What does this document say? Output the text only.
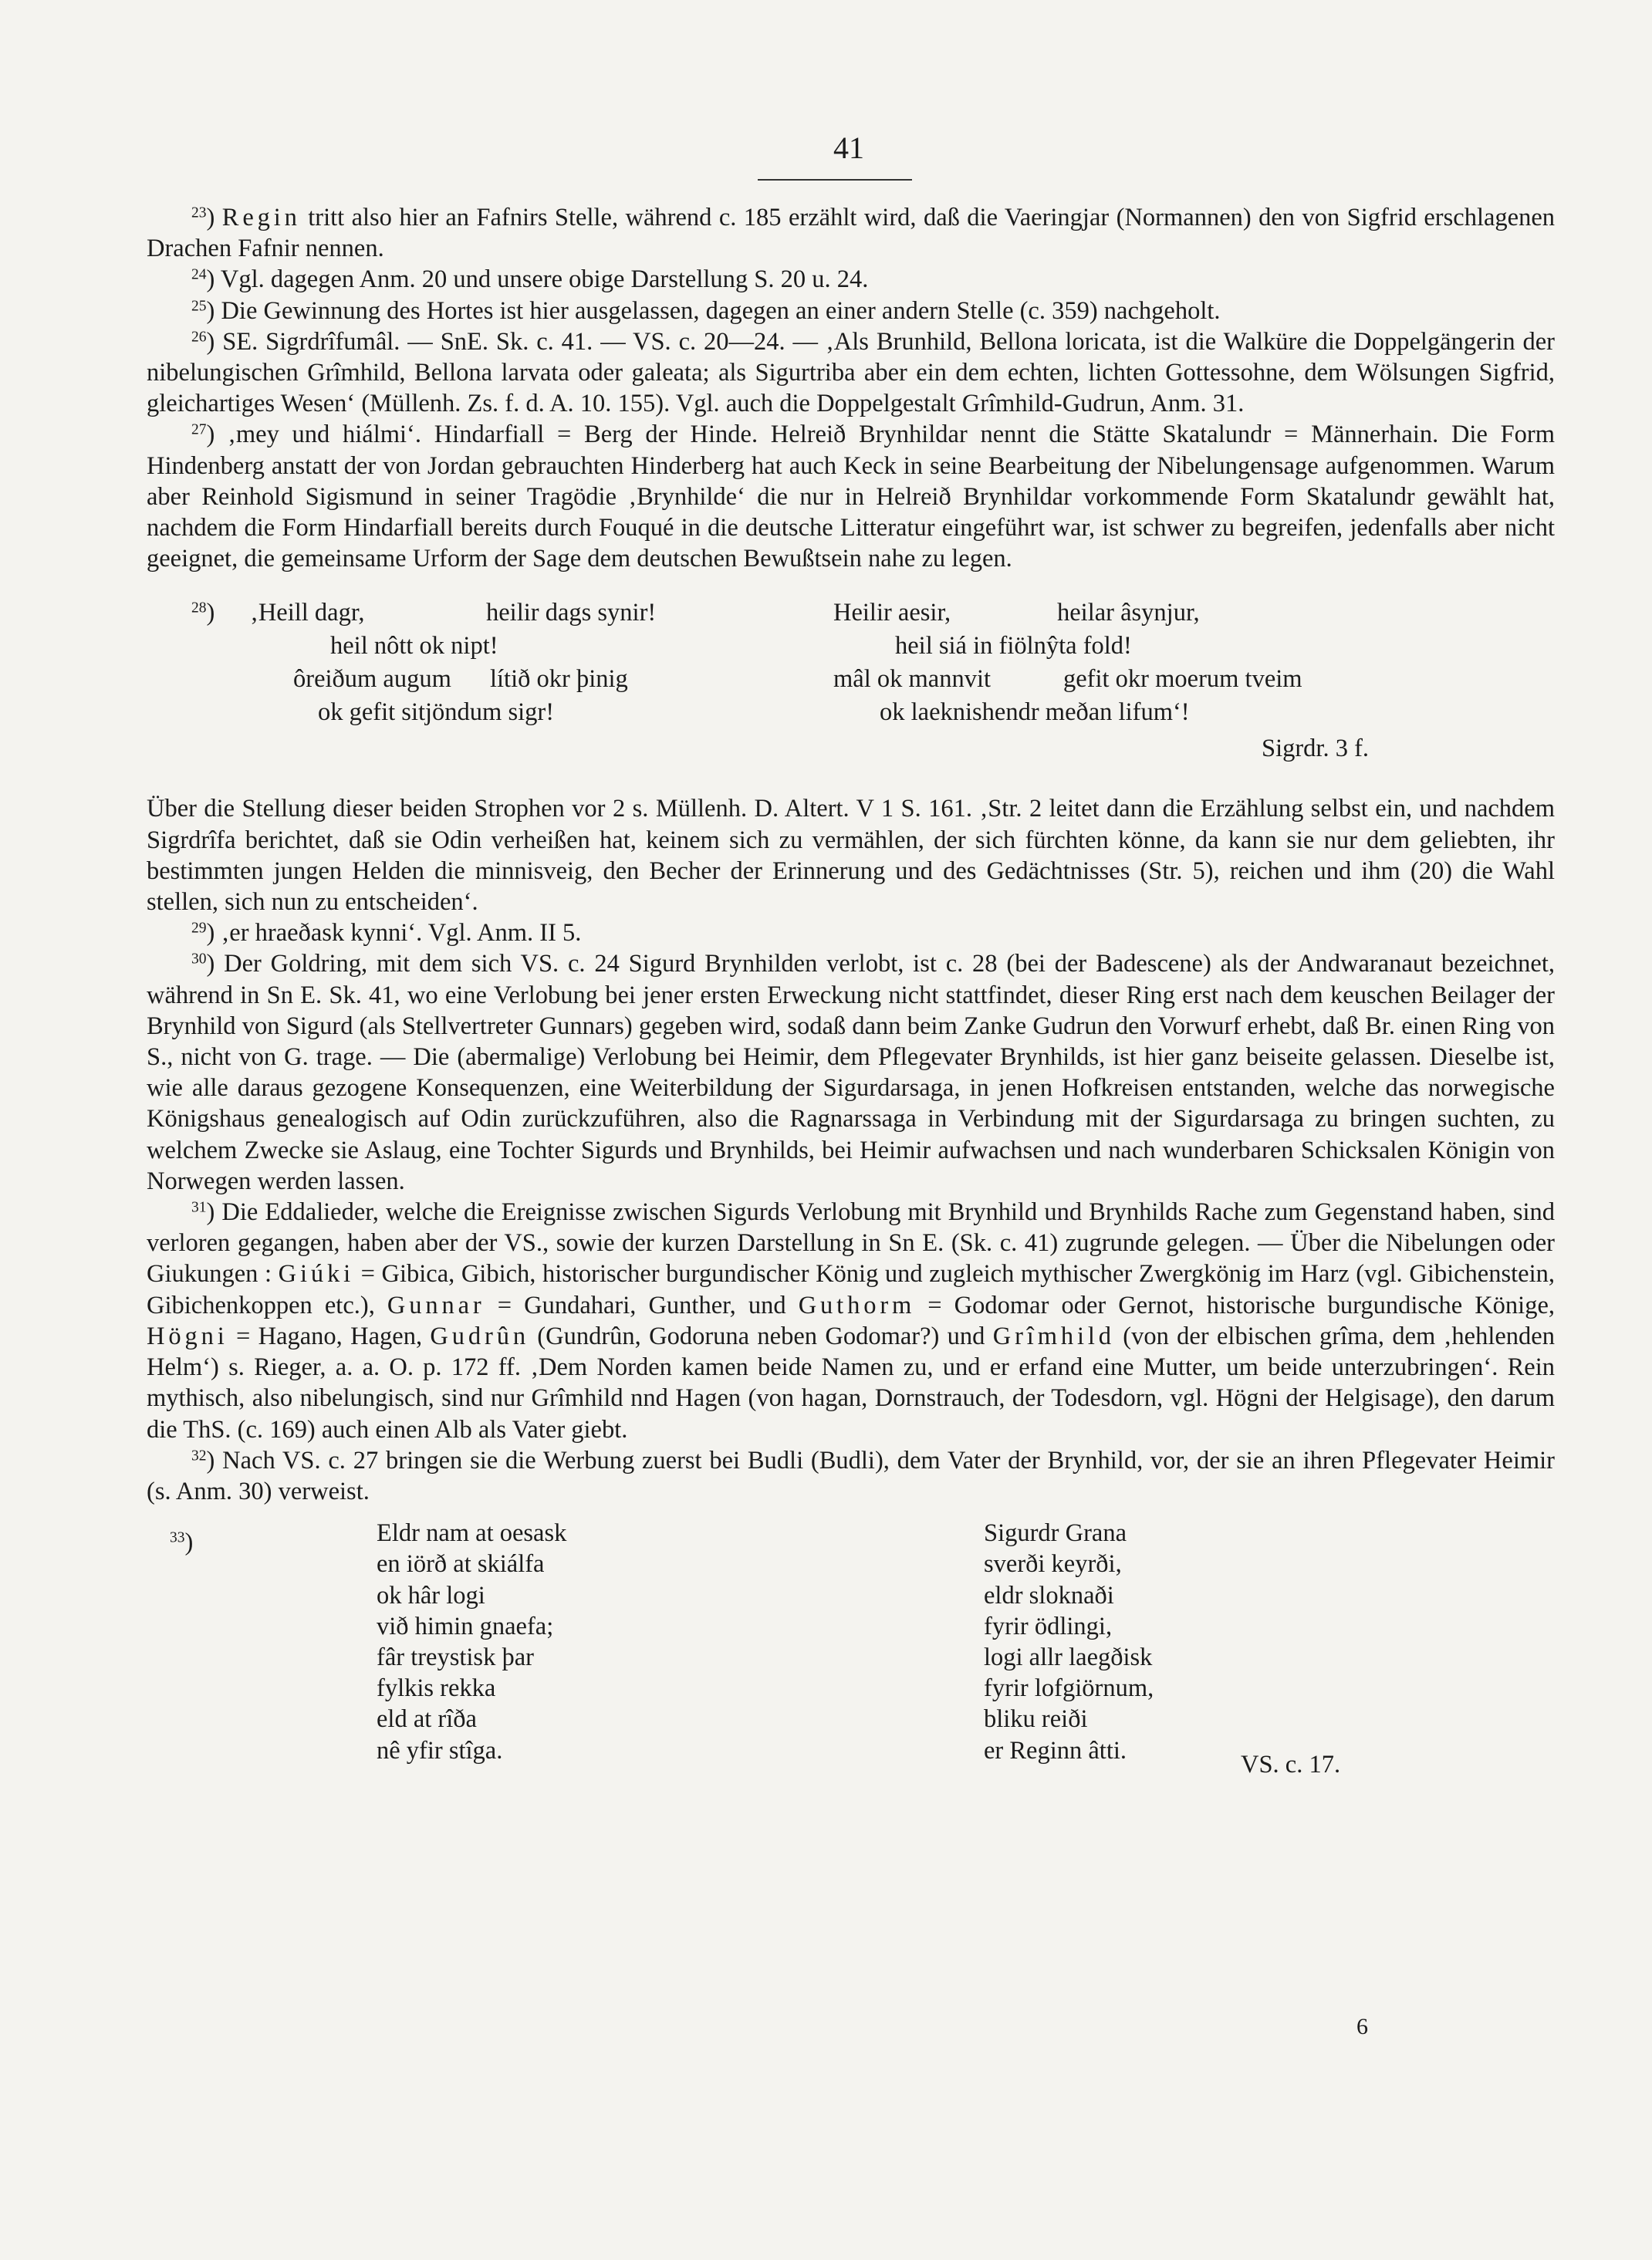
41

$^{23}$) Regin tritt also hier an Fafnirs Stelle, während c. 185 erzählt wird, daß die Vaeringjar (Normannen) den von Sigfrid erschlagenen Drachen Fafnir nennen.

$^{24}$) Vgl. dagegen Anm. 20 und unsere obige Darstellung S. 20 u. 24.

$^{25}$) Die Gewinnung des Hortes ist hier ausgelassen, dagegen an einer andern Stelle (c. 359) nachgeholt.

$^{26}$) SE. Sigrdrîfumâl. — SnE. Sk. c. 41. — VS. c. 20—24. — ‚Als Brunhild, Bellona loricata, ist die Walküre die Doppelgängerin der nibelungischen Grîmhild, Bellona larvata oder galeata; als Sigurtriba aber ein dem echten, lichten Gottessohne, dem Wölsungen Sigfrid, gleichartiges Wesen‘ (Müllenh. Zs. f. d. A. 10. 155). Vgl. auch die Doppelgestalt Grîmhild-Gudrun, Anm. 31.

$^{27}$) ‚mey und hiálmi‘. Hindarfiall = Berg der Hinde. Helreið Brynhildar nennt die Stätte Skatalundr = Männerhain. Die Form Hindenberg anstatt der von Jordan gebrauchten Hinderberg hat auch Keck in seine Bearbeitung der Nibelungensage aufgenommen. Warum aber Reinhold Sigismund in seiner Tragödie ‚Brynhilde‘ die nur in Helreið Brynhildar vorkommende Form Skatalundr gewählt hat, nachdem die Form Hindarfiall bereits durch Fouqué in die deutsche Litteratur eingeführt war, ist schwer zu begreifen, jedenfalls aber nicht geeignet, die gemeinsame Urform der Sage dem deutschen Bewußtsein nahe zu legen.

$^{28}$) ‚Heill dagr,	heilir dags synir!	Heilir aesir,	heilar âsynjur,
heil nôtt ok nipt!	heil siá in fiölnŷta fold!
ôreiðum augum lítið okr þinig	mâl ok mannvit	gefit okr moerum tveim
ok gefit sitjöndum sigr!	ok laeknishendr meðan lifum‘!
Sigrdr. 3 f.

Über die Stellung dieser beiden Strophen vor 2 s. Müllenh. D. Altert. V 1 S. 161. ‚Str. 2 leitet dann die Erzählung selbst ein, und nachdem Sigrdrîfa berichtet, daß sie Odin verheißen hat, keinem sich zu vermählen, der sich fürchten könne, da kann sie nur dem geliebten, ihr bestimmten jungen Helden die minnisveig, den Becher der Erinnerung und des Gedächtnisses (Str. 5), reichen und ihm (20) die Wahl stellen, sich nun zu entscheiden‘.

$^{29}$) ‚er hraeðask kynni‘. Vgl. Anm. II 5.

$^{30}$) Der Goldring, mit dem sich VS. c. 24 Sigurd Brynhilden verlobt, ist c. 28 (bei der Badescene) als der Andwaranaut bezeichnet, während in Sn E. Sk. 41, wo eine Verlobung bei jener ersten Erweckung nicht stattfindet, dieser Ring erst nach dem keuschen Beilager der Brynhild von Sigurd (als Stellvertreter Gunnars) gegeben wird, sodaß dann beim Zanke Gudrun den Vorwurf erhebt, daß Br. einen Ring von S., nicht von G. trage. — Die (abermalige) Verlobung bei Heimir, dem Pflegevater Brynhilds, ist hier ganz beiseite gelassen. Dieselbe ist, wie alle daraus gezogene Konsequenzen, eine Weiterbildung der Sigurdarsaga, in jenen Hofkreisen entstanden, welche das norwegische Königshaus genealogisch auf Odin zurückzuführen, also die Ragnarssaga in Verbindung mit der Sigurdarsaga zu bringen suchten, zu welchem Zwecke sie Aslaug, eine Tochter Sigurds und Brynhilds, bei Heimir aufwachsen und nach wunderbaren Schicksalen Königin von Norwegen werden lassen.

$^{31}$) Die Eddalieder, welche die Ereignisse zwischen Sigurds Verlobung mit Brynhild und Brynhilds Rache zum Gegenstand haben, sind verloren gegangen, haben aber der VS., sowie der kurzen Darstellung in Sn E. (Sk. c. 41) zugrunde gelegen. — Über die Nibelungen oder Giukungen : Giúki = Gibica, Gibich, historischer burgundischer König und zugleich mythischer Zwergkönig im Harz (vgl. Gibichenstein, Gibichenkoppen etc.), Gunnar = Gundahari, Gunther, und Guthorm = Godomar oder Gernot, historische burgundische Könige, Högni = Hagano, Hagen, Gudrûn (Gundrûn, Godoruna neben Godomar?) und Grîmhild (von der elbischen grîma, dem ‚hehlenden Helm‘) s. Rieger, a. a. O. p. 172 ff. ‚Dem Norden kamen beide Namen zu, und er erfand eine Mutter, um beide unterzubringen‘. Rein mythisch, also nibelungisch, sind nur Grîmhild nnd Hagen (von hagan, Dornstrauch, der Todesdorn, vgl. Högni der Helgisage), den darum die ThS. (c. 169) auch einen Alb als Vater giebt.

$^{32}$) Nach VS. c. 27 bringen sie die Werbung zuerst bei Budli (Budli), dem Vater der Brynhild, vor, der sie an ihren Pflegevater Heimir (s. Anm. 30) verweist.

$^{33}$)	Eldr nam at oesask
en iörð at skiálfa
ok hâr logi
við himin gnaefa;
fâr treystisk þar
fylkis rekka
eld at rîða
nê yfir stîga.
Sigurdr Grana
sverði keyrði,
eldr sloknaði
fyrir ödlingi,
logi allr laegðisk
fyrir lofgiörnum,
bliku reiði
er Reginn âtti.
VS. c. 17.
6
